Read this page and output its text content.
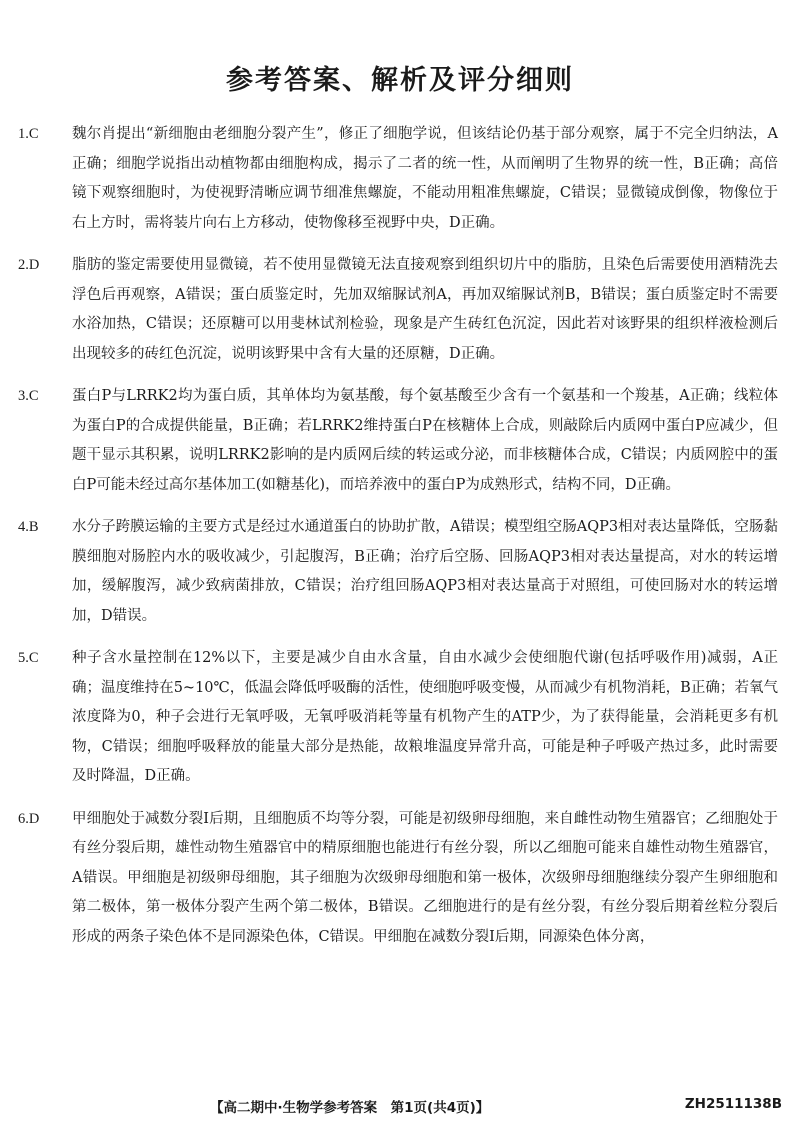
参考答案、解析及评分细则
1.C	魏尔肖提出“新细胞由老细胞分裂产生”，修正了细胞学说，但该结论仍基于部分观察，属于不完全归纳法，A正确；细胞学说指出动植物都由细胞构成，揭示了二者的统一性，从而阐明了生物界的统一性，B正确；高倍镜下观察细胞时，为使视野清晰应调节细准焦螺旋，不能动用粗准焦螺旋，C错误；显微镜成倒像，物像位于右上方时，需将装片向右上方移动，使物像移至视野中央，D正确。

2.D	脂肪的鉴定需要使用显微镜，若不使用显微镜无法直接观察到组织切片中的脂肪，且染色后需要使用酒精洗去浮色后再观察，A错误；蛋白质鉴定时，先加双缩脲试剂A，再加双缩脲试剂B，B错误；蛋白质鉴定时不需要水浴加热，C错误；还原糖可以用斐林试剂检验，现象是产生砖红色沉淀，因此若对该野果的组织样液检测后出现较多的砖红色沉淀，说明该野果中含有大量的还原糖，D正确。

3.C	蛋白P与LRRK2均为蛋白质，其单体均为氨基酸，每个氨基酸至少含有一个氨基和一个羧基，A正确；线粒体为蛋白P的合成提供能量，B正确；若LRRK2维持蛋白P在核糖体上合成，则敲除后内质网中蛋白P应减少，但题干显示其积累，说明LRRK2影响的是内质网后续的转运或分泌，而非核糖体合成，C错误；内质网腔中的蛋白P可能未经过高尔基体加工(如糖基化)，而培养液中的蛋白P为成熟形式，结构不同，D正确。

4.B	水分子跨膜运输的主要方式是经过水通道蛋白的协助扩散，A错误；模型组空肠AQP3相对表达量降低，空肠黏膜细胞对肠腔内水的吸收减少，引起腹泻，B正确；治疗后空肠、回肠AQP3相对表达量提高，对水的转运增加，缓解腹泻，减少致病菌排放，C错误；治疗组回肠AQP3相对表达量高于对照组，可使回肠对水的转运增加，D错误。

5.C	种子含水量控制在12%以下，主要是减少自由水含量，自由水减少会使细胞代谢(包括呼吸作用)减弱，A正确；温度维持在5~10℃，低温会降低呼吸酶的活性，使细胞呼吸变慢，从而减少有机物消耗，B正确；若氧气浓度降为0，种子会进行无氧呼吸，无氧呼吸消耗等量有机物产生的ATP少，为了获得能量，会消耗更多有机物，C错误；细胞呼吸释放的能量大部分是热能，故粮堆温度异常升高，可能是种子呼吸产热过多，此时需要及时降温，D正确。

6.D	甲细胞处于减数分裂Ⅰ后期，且细胞质不均等分裂，可能是初级卵母细胞，来自雌性动物生殖器官；乙细胞处于有丝分裂后期，雄性动物生殖器官中的精原细胞也能进行有丝分裂，所以乙细胞可能来自雄性动物生殖器官，A错误。甲细胞是初级卵母细胞，其子细胞为次级卵母细胞和第一极体，次级卵母细胞继续分裂产生卵细胞和第二极体，第一极体分裂产生两个第二极体，B错误。乙细胞进行的是有丝分裂，有丝分裂后期着丝粒分裂后形成的两条子染色体不是同源染色体，C错误。甲细胞在减数分裂Ⅰ后期，同源染色体分离，

【高二期中·生物学参考答案　第1页(共4页)】	ZH2511138B
